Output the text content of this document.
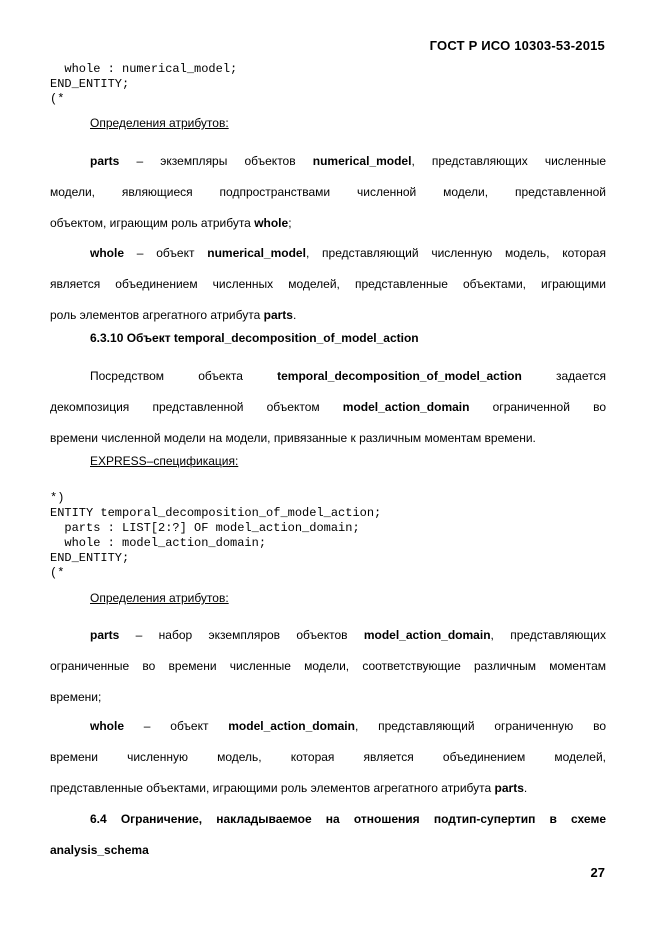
ГОСТ Р ИСО 10303-53-2015
whole : numerical_model;
END_ENTITY;
(*
Определения атрибутов:
parts – экземпляры объектов numerical_model, представляющих численные
модели, являющиеся подпространствами численной модели, представленной
объектом, играющим роль атрибута whole;
whole – объект numerical_model, представляющий численную модель, которая
является объединением численных моделей, представленные объектами, играющими
роль элементов агрегатного атрибута parts.
6.3.10 Объект temporal_decomposition_of_model_action
Посредством объекта temporal_decomposition_of_model_action задается
декомпозиция представленной объектом model_action_domain ограниченной во
времени численной модели на модели, привязанные к различным моментам времени.
EXPRESS–спецификация:
*)
ENTITY temporal_decomposition_of_model_action;
parts : LIST[2:?] OF model_action_domain;
whole : model_action_domain;
END_ENTITY;
(*
Определения атрибутов:
parts – набор экземпляров объектов model_action_domain, представляющих
ограниченные во времени численные модели, соответствующие различным моментам
времени;
whole – объект model_action_domain, представляющий ограниченную во
времени численную модель, которая является объединением моделей,
представленные объектами, играющими роль элементов агрегатного атрибута parts.
6.4 Ограничение, накладываемое на отношения подтип-супертип в схеме
analysis_schema
27
